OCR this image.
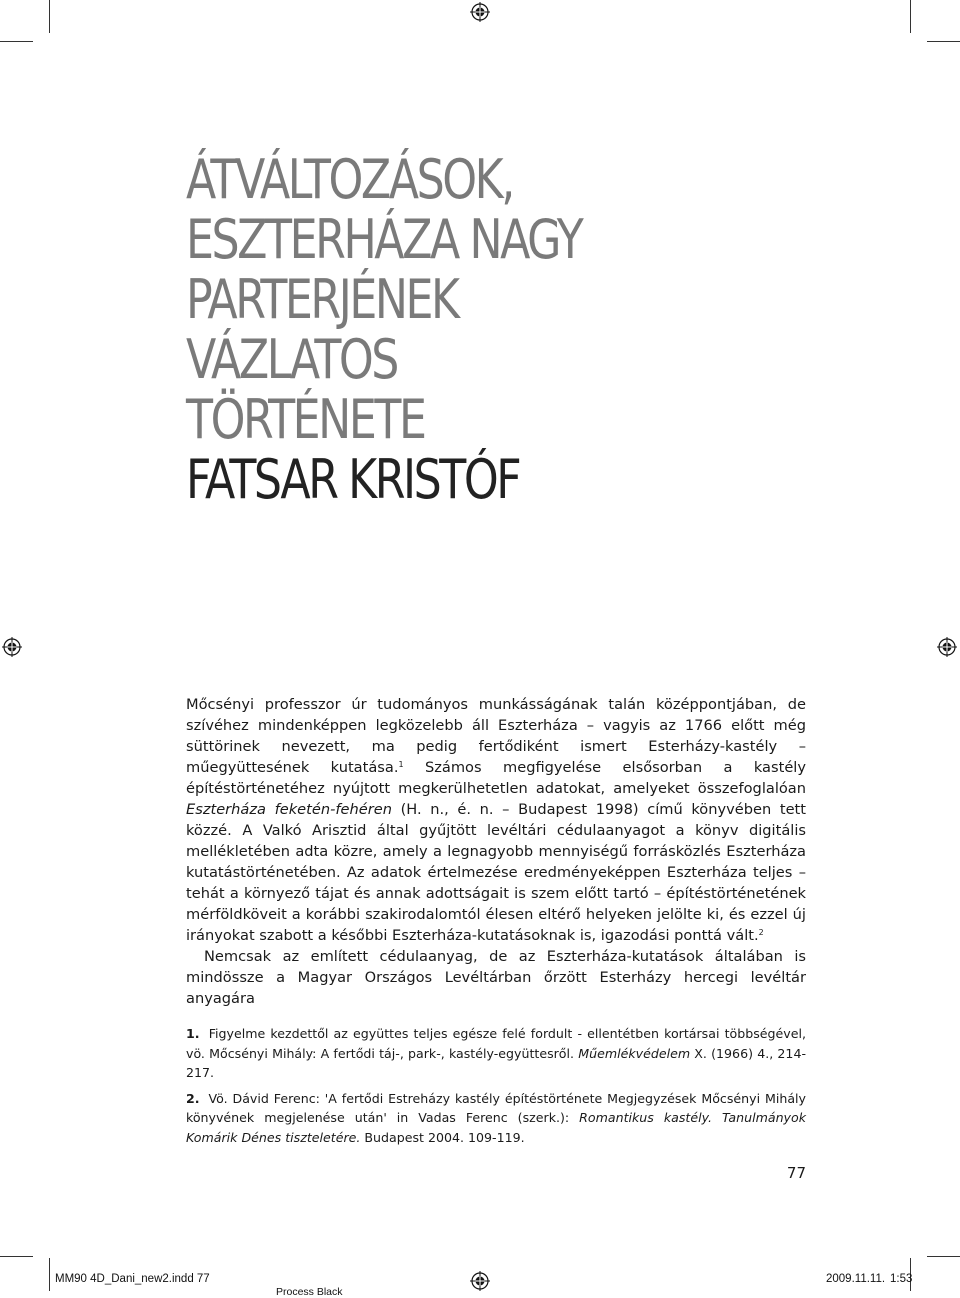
ÁTVÁLTOZÁSOK,
ESZTERHÁZA NAGY
PARTERJÉNEK
VÁZLATOS
TÖRTÉNETE
FATSAR KRISTÓF

Mőcsényi professzor úr tudományos munkásságának talán középpontjában, de szívéhez mindenképpen legközelebb áll Eszterháza – vagyis az 1766 előtt még süttörinek nevezett, ma pedig fertődiként ismert Esterházy-kastély – műegyüttesének kutatása.$^1$ Számos megfigyelése elsősorban a kastély építéstörténetéhez nyújtott megkerülhetetlen adatokat, amelyeket összefoglalóan Eszterháza feketén-fehéren (H. n., é. n. – Budapest 1998) című könyvében tett közzé. A Valkó Arisztid által gyűjtött levéltári cédulaanyagot a könyv digitális mellékletében adta közre, amely a legnagyobb mennyiségű forrásközlés Eszterháza kutatástörténetében. Az adatok értelmezése eredményeképpen Eszterháza teljes – tehát a környező tájat és annak adottságait is szem előtt tartó – építéstörténetének mérföldköveit a korábbi szakirodalomtól élesen eltérő helyeken jelölte ki, és ezzel új irányokat szabott a későbbi Eszterháza-kutatásoknak is, igazodási ponttá vált.$^2$

Nemcsak az említett cédulaanyag, de az Eszterháza-kutatások általában is mindössze a Magyar Országos Levéltárban őrzött Esterházy hercegi levéltár anyagára

1. Figyelme kezdettől az együttes teljes egésze felé fordult - ellentétben kortársai többségével, vö. Mőcsényi Mihály: A fertődi táj-, park-, kastély-együttesről. Műemlékvédelem X. (1966) 4., 214-217.

2. Vö. Dávid Ferenc: 'A fertődi Estreházy kastély építéstörténete Megjegyzések Mőcsényi Mihály könyvének megjelenése után' in Vadas Ferenc (szerk.): Romantikus kastély. Tanulmányok Komárik Dénes tiszteletére. Budapest 2004. 109-119.

77
MM90 4D_Dani_new2.indd 77
Process Black
2009.11.11. 1:53
